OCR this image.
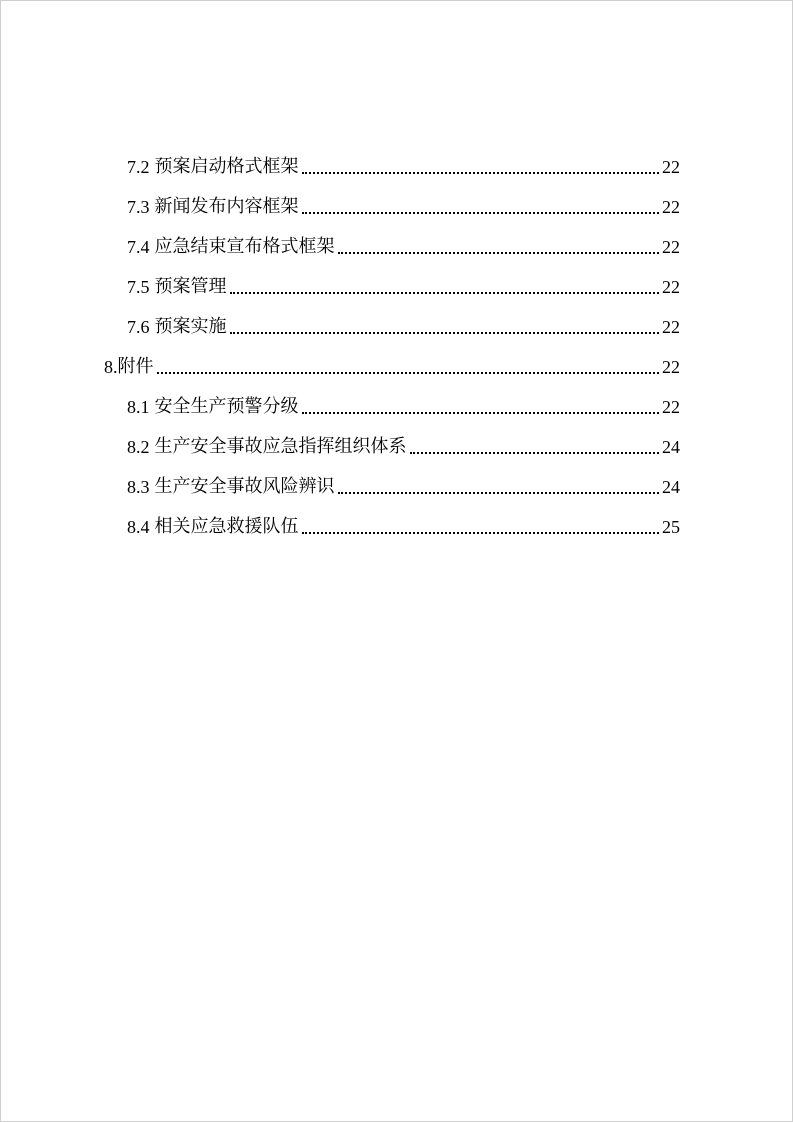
7.2 预案启动格式框架	22
7.3 新闻发布内容框架	22
7.4 应急结束宣布格式框架	22
7.5 预案管理	22
7.6 预案实施	22
8. 附件	22
8.1 安全生产预警分级	22
8.2 生产安全事故应急指挥组织体系	24
8.3 生产安全事故风险辨识	24
8.4 相关应急救援队伍	25
